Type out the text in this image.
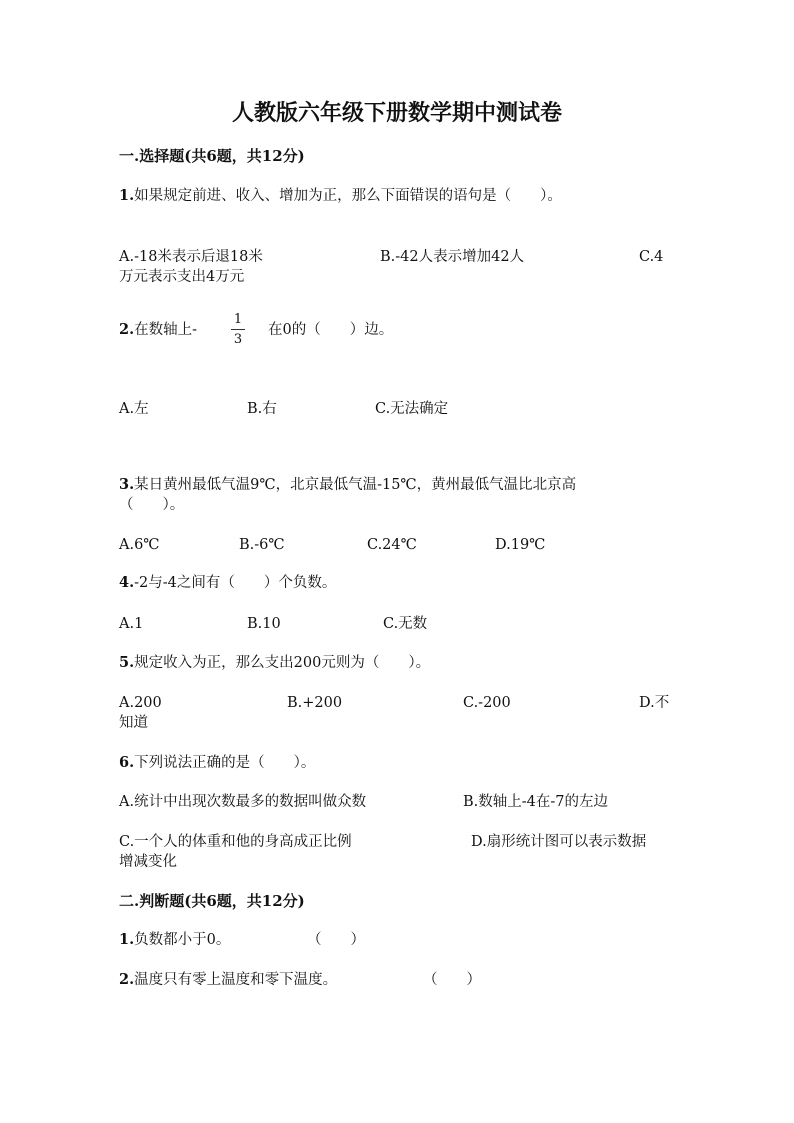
人教版六年级下册数学期中测试卷
一.选择题(共6题，共12分)
1.如果规定前进、收入、增加为正，那么下面错误的语句是（　　）。
A.-18米表示后退18米	B.-42人表示增加42人	C.4
万元表示支出4万元
2.在数轴上-
1
3
在0的（　　）边。
A.左	B.右	C.无法确定
3.某日黄州最低气温9℃，北京最低气温-15℃，黄州最低气温比北京高
（　　）。
A.6℃	B.-6℃	C.24℃	D.19℃
4.-2与-4之间有（　　）个负数。
A.1	B.10	C.无数
5.规定收入为正，那么支出200元则为（　　）。
A.200	B.+200	C.-200	D.不
知道
6.下列说法正确的是（　　）。
A.统计中出现次数最多的数据叫做众数	B.数轴上-4在-7的左边
C.一个人的体重和他的身高成正比例	D.扇形统计图可以表示数据
增减变化
二.判断题(共6题，共12分)
1.负数都小于0。	（　　）
2.温度只有零上温度和零下温度。	（　　）
